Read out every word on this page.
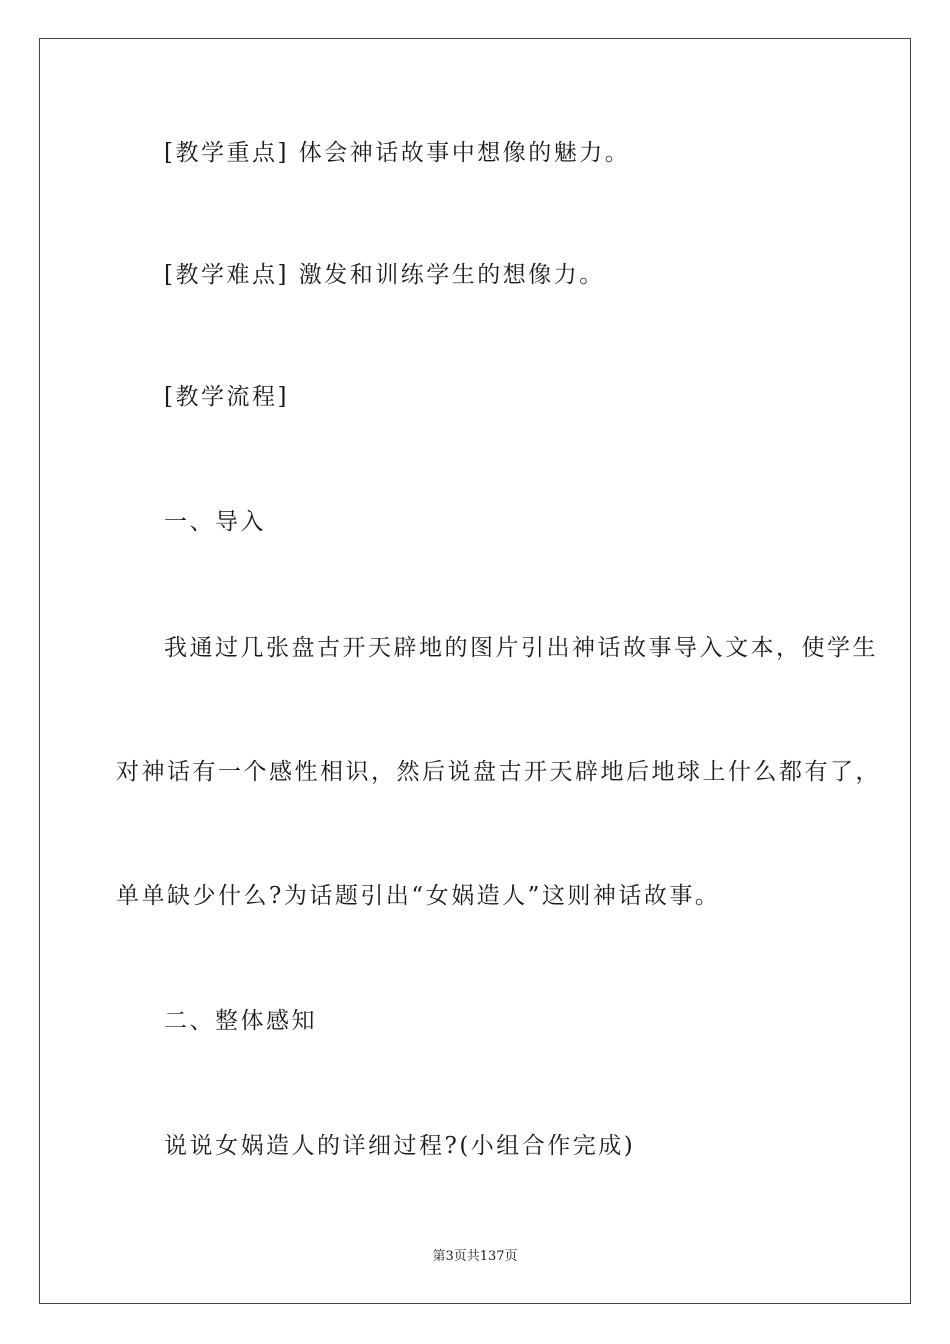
[教学重点] 体会神话故事中想像的魅力。
[教学难点] 激发和训练学生的想像力。
[教学流程]
一、导入
我通过几张盘古开天辟地的图片引出神话故事导入文本，使学生
对神话有一个感性相识，然后说盘古开天辟地后地球上什么都有了，
单单缺少什么?为话题引出“女娲造人”这则神话故事。
二、整体感知
说说女娲造人的详细过程?(小组合作完成)
第3页共137页
